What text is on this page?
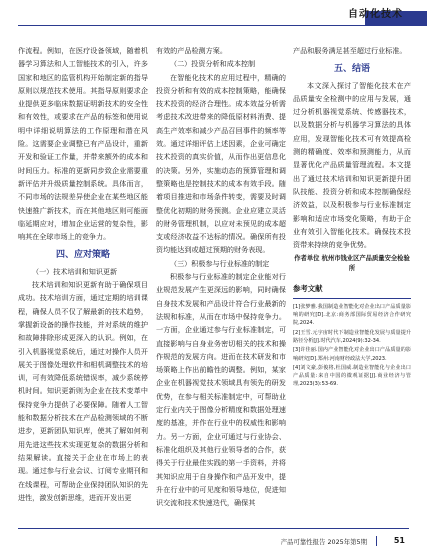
自动化技术

作流程。例如，在医疗设备领域，随着机器学习算法和人工智能技术的引入，许多国家和地区的监管机构开始制定新的指导原则以规范技术使用。其指导原则要求企业提供更多临床数据证明新技术的安全性和有效性，或要求在产品的标签和使用说明中详细说明算法的工作原理和潜在风险。这需要企业调整已有产品设计，重新开发和验证工作量，并带来额外的成本和时间压力。标准的更新同步致企业需要重新评估并升级质量控制系统。具体而言，不同市场的法规差异使企业在某些地区能快速推广新技术，而在其他地区则可能面临延期应对，增加企业运营的复杂性，影响其在全球市场上的竞争力。

四、应对策略

（一）技术培训和知识更新

技术培训和知识更新有助于确保项目成功。技术培训方面，通过定期的培训课程，确保人员不仅了解最新的技术趋势，掌握新设备的操作技能，并对系统的维护和故障排除形成更深入的认识。例如，在引入机器视觉系统后，通过对操作人员开展关于图像处理软件和相机调整技术的培训，可有效降低系统错误率，减少系统停机时间。知识更新则为企业在技术变革中保持竞争力提供了必要保障。随着人工智能和数据分析技术在产品检测领域的不断进步，更新团队知识库，使其了解如何利用先进这些技术实现更复杂的数据分析和结果解读。直接关于企业在市场上的表现。通过参与行业会议、订阅专业期刊和在线课程，可帮助企业保持团队知识的先进性，激发创新思维，进而开发出更

有效的产品检测方案。

（二）投资分析和成本控制

在智能化技术的应用过程中，精确的投资分析和有效的成本控制策略，能确保技术投资的经济合理性。成本效益分析需考虑技术改进带来的降低原材料消费、提高生产效率和减少产品召回事件的频率等效。通过详细评估上述因素，企业可确定技术投资的真实价值，从而作出更信息化的决策。另外，实施动态的预算管理和调整策略也是控制技术的成本有效手段。随着项目推进和市场条件转变，需要及时调整优化初期的财务预测。企业应建立灵活的财务管理机制，以应对未预见的成本超支或经济收益不达标的情况。确保所有投资均能达到或超过预期的财务表现。

（三）积极参与行业标准的制定

积极参与行业标准的制定企业能对行业规范发展产生更深远的影响，同时确保自身技术发展和产品设计符合行业最新的法规和标准，从而在市场中保持竞争力。一方面，企业通过参与行业标准制定，可直接影响与自身业务密切相关的技术和操作规范的发展方向。进而在技术研发和市场策略上作出前瞻性的调整。例如，某家企业在机器视觉技术领域具有领先的研发优势，在参与相关标准制定中，可帮助业定行业内关于图像分析精度和数据处理速度的基准，并作在行业中的权威性和影响力。另一方面，企业可通过与行业协会、标准化组织及其他行业领导者的合作，获得关于行业最佳实践的第一手资料，并将其知识应用于自身操作和产品开发中，提升在行业中的可见度和领导地位，促进知识交流和技术快速迭代，确保其

产品和服务满足甚至超过行业标准。

五、结语

本文深入探讨了智能化技术在产品质量安全检测中的应用与发展，通过分析机器视觉系统、传感器技术，以及数据分析与机器学习算法的具体应用，发现智能化技术可有效提高检测的精确度、效率和预测能力，从而显著优化产品质量管理流程。本文提出了通过技术培训和知识更新提升团队技能、投资分析和成本控制确保经济效益，以及积极参与行业标准制定影响和适应市场变化策略，有助于企业有效引入智能化技术。确保技术投资带来持续的竞争优势。

作者单位 杭州市钱业区产品质量安全检验所
参考文献
[1]张梦雅.我国制造业智能化对企业出口产品质量影响的研究[D].北京:商务部国际贸易经济合作研究院,2024.
[2]王雪.元宇宙时代下制造业智能化发展与质量提升路径分析[J].时代汽车,2024(9):32-34.
[3]许佳丽.国内产业智能化对企业出口产品质量的影响研究[D].郑州:河南财经政法大学,2023.
[4]刘文豪,彭俊将,杜国威.制造业智能化与企业出口产品质量:来自中国的微观证据[J].商业经济与管理,2023(3):53-69.
产品可靠性报告 2025年第5期	51
